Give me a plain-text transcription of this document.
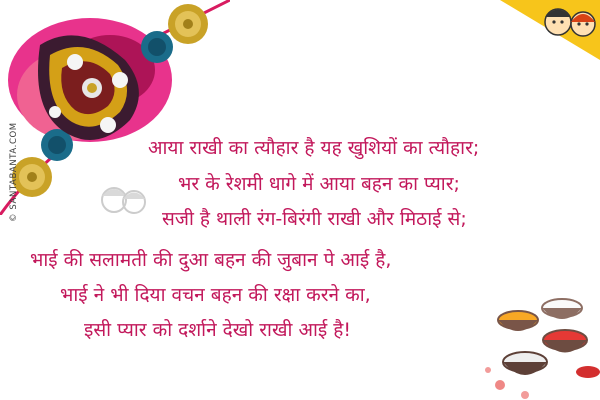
© SANTABANTA.COM	आया राखी का त्यौहार है यह खुशियों का त्यौहार;
भर के रेशमी धागे में आया बहन का प्यार;
सजी है थाली रंग-बिरंगी राखी और मिठाई से;
भाई की सलामती की दुआ बहन की जुबान पे आई है,
भाई ने भी दिया वचन बहन की रक्षा करने का,
इसी प्यार को दर्शाने देखो राखी आई है!
